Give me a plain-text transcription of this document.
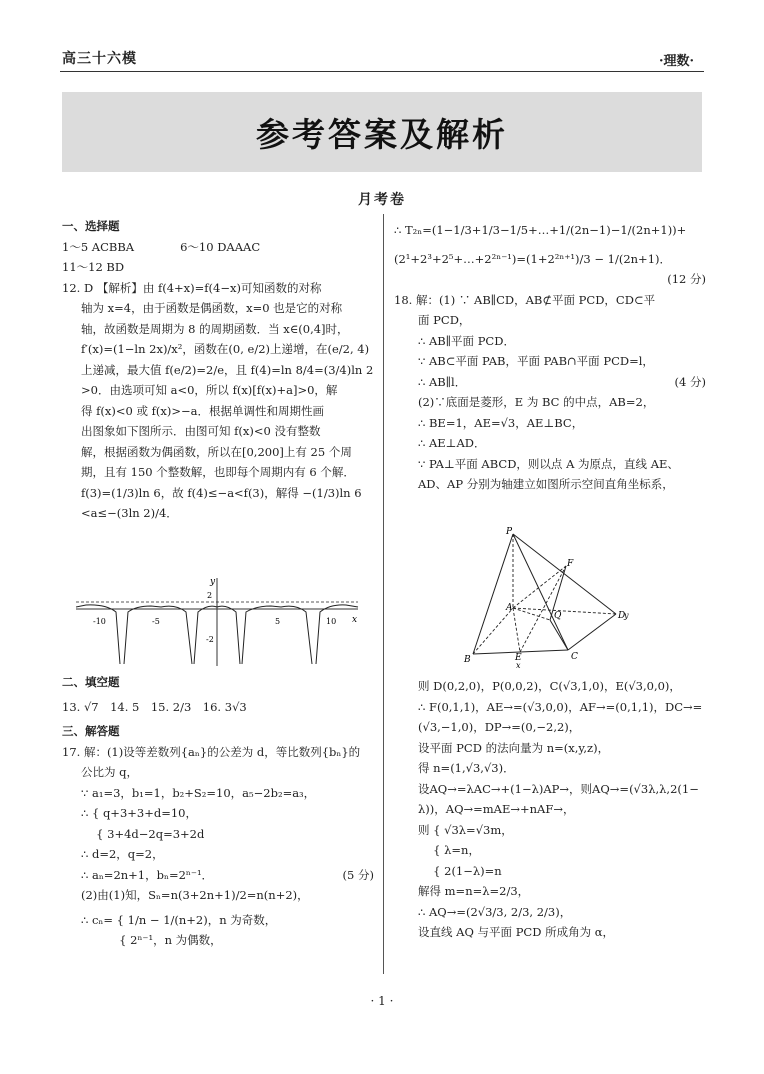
高三十六模	·理数·
参考答案及解析
月考卷
一、选择题
1～5 ACBBA　　　　6～10 DAAAC
11～12 BD
12. D 【解析】由 f(4+x)=f(4−x)可知函数的对称
轴为 x=4，由于函数是偶函数，x=0 也是它的对称
轴，故函数是周期为 8 的周期函数．当 x∈(0,4]时，
f′(x)=(1−ln 2x)/x²，函数在(0, e/2)上递增，在(e/2, 4)
上递减，最大值 f(e/2)=2/e，且 f(4)=ln 8/4=(3/4)ln 2
>0．由选项可知 a<0，所以 f(x)[f(x)+a]>0，解
得 f(x)<0 或 f(x)>−a．根据单调性和周期性画
出图象如下图所示．由图可知 f(x)<0 没有整数
解，根据函数为偶函数，所以在[0,200]上有 25 个周
期，且有 150 个整数解，也即每个周期内有 6 个解．
f(3)=(1/3)ln 6，故 f(4)≤−a<f(3)，解得 −(1/3)ln 6
<a≤−(3ln 2)/4．
x
y
2
-2
-10	-5	5	10
二、填空题
13. √7　14. 5　15. 2/3　16. 3√3
三、解答题
17. 解：(1)设等差数列{aₙ}的公差为 d，等比数列{bₙ}的
公比为 q，
∵ a₁=3，b₁=1，b₂+S₂=10，a₅−2b₂=a₃，
∴ { q+3+3+d=10，
　 { 3+4d−2q=3+2d
∴ d=2，q=2，
∴ aₙ=2n+1，bₙ=2ⁿ⁻¹．	(5 分)
(2)由(1)知，Sₙ=n(3+2n+1)/2=n(n+2)，
∴ cₙ= { 1/n − 1/(n+2)，n 为奇数，
　　　 { 2ⁿ⁻¹，n 为偶数，
∴ T₂ₙ=(1−1/3+1/3−1/5+…+1/(2n−1)−1/(2n+1))+
(2¹+2³+2⁵+…+2²ⁿ⁻¹)=(1+2²ⁿ⁺¹)/3 − 1/(2n+1)．
(12 分)
18. 解：(1) ∵ AB∥CD，AB⊄平面 PCD，CD⊂平
面 PCD，
∴ AB∥平面 PCD．
∵ AB⊂平面 PAB，平面 PAB∩平面 PCD=l，
∴ AB∥l．	(4 分)
(2)∵底面是菱形，E 为 BC 的中点，AB=2，
∴ BE=1，AE=√3，AE⊥BC，
∴ AE⊥AD．
∵ PA⊥平面 ABCD，则以点 A 为原点，直线 AE、
AD、AP 分别为轴建立如图所示空间直角坐标系，
P
A
B	C
D
E
F
Q	y
x
则 D(0,2,0)，P(0,0,2)，C(√3,1,0)，E(√3,0,0)，
∴ F(0,1,1)，AE→=(√3,0,0)，AF→=(0,1,1)，DC→=
(√3,−1,0)，DP→=(0,−2,2)，
设平面 PCD 的法向量为 n=(x,y,z)，
得 n=(1,√3,√3)．
设AQ→=λAC→+(1−λ)AP→，则AQ→=(√3λ,λ,2(1−
λ))，AQ→=mAE→+nAF→，
则 { √3λ=√3m，
　 { λ=n，
　 { 2(1−λ)=n
解得 m=n=λ=2/3，
∴ AQ→=(2√3/3, 2/3, 2/3)，
设直线 AQ 与平面 PCD 所成角为 α，
· 1 ·
